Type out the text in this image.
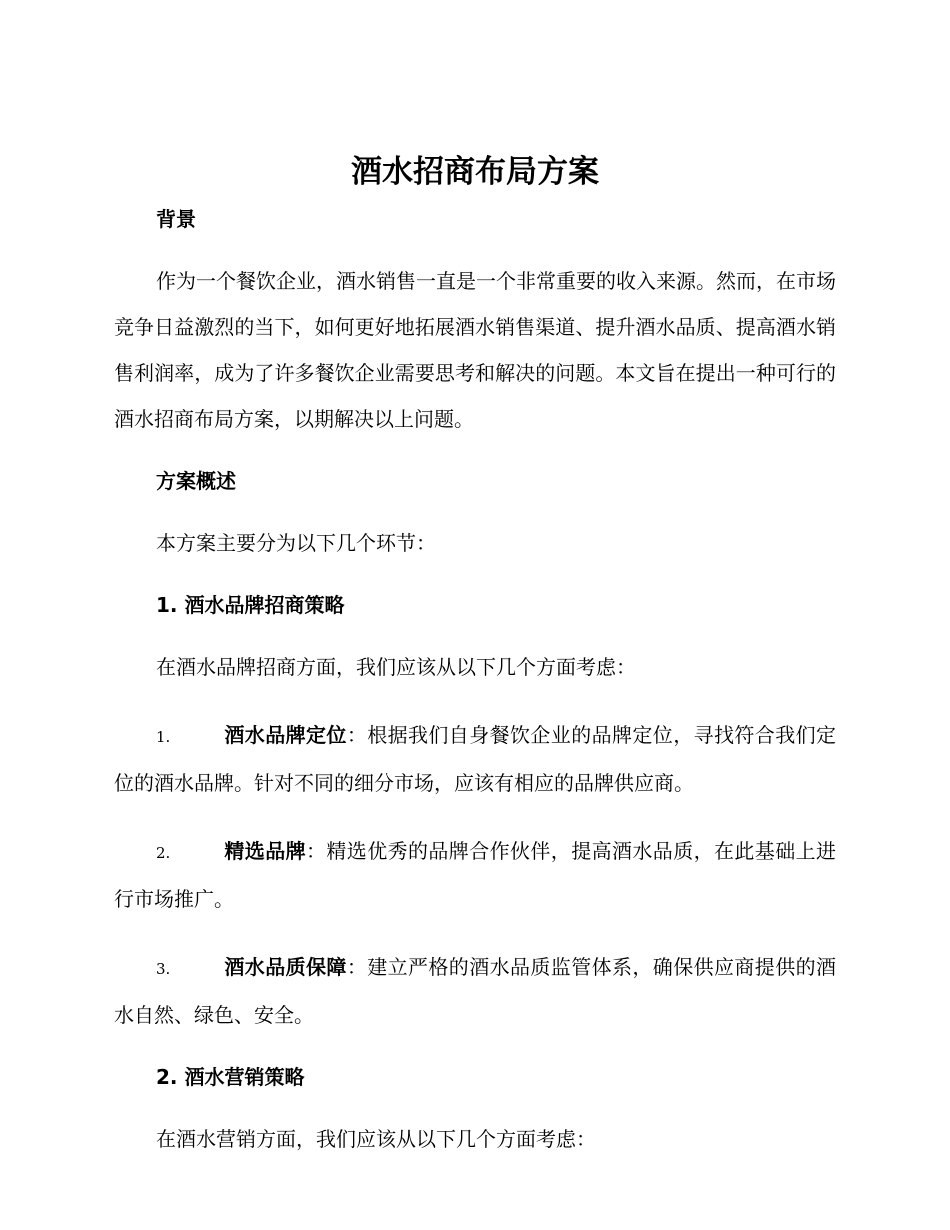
酒水招商布局方案
背景

作为一个餐饮企业，酒水销售一直是一个非常重要的收入来源。然而，在市场竞争日益激烈的当下，如何更好地拓展酒水销售渠道、提升酒水品质、提高酒水销售利润率，成为了许多餐饮企业需要思考和解决的问题。本文旨在提出一种可行的酒水招商布局方案，以期解决以上问题。

方案概述

本方案主要分为以下几个环节：

1. 酒水品牌招商策略

在酒水品牌招商方面，我们应该从以下几个方面考虑：

1.	酒水品牌定位：根据我们自身餐饮企业的品牌定位，寻找符合我们定位的酒水品牌。针对不同的细分市场，应该有相应的品牌供应商。

2.	精选品牌：精选优秀的品牌合作伙伴，提高酒水品质，在此基础上进行市场推广。

3.	酒水品质保障：建立严格的酒水品质监管体系，确保供应商提供的酒水自然、绿色、安全。

2. 酒水营销策略

在酒水营销方面，我们应该从以下几个方面考虑：
